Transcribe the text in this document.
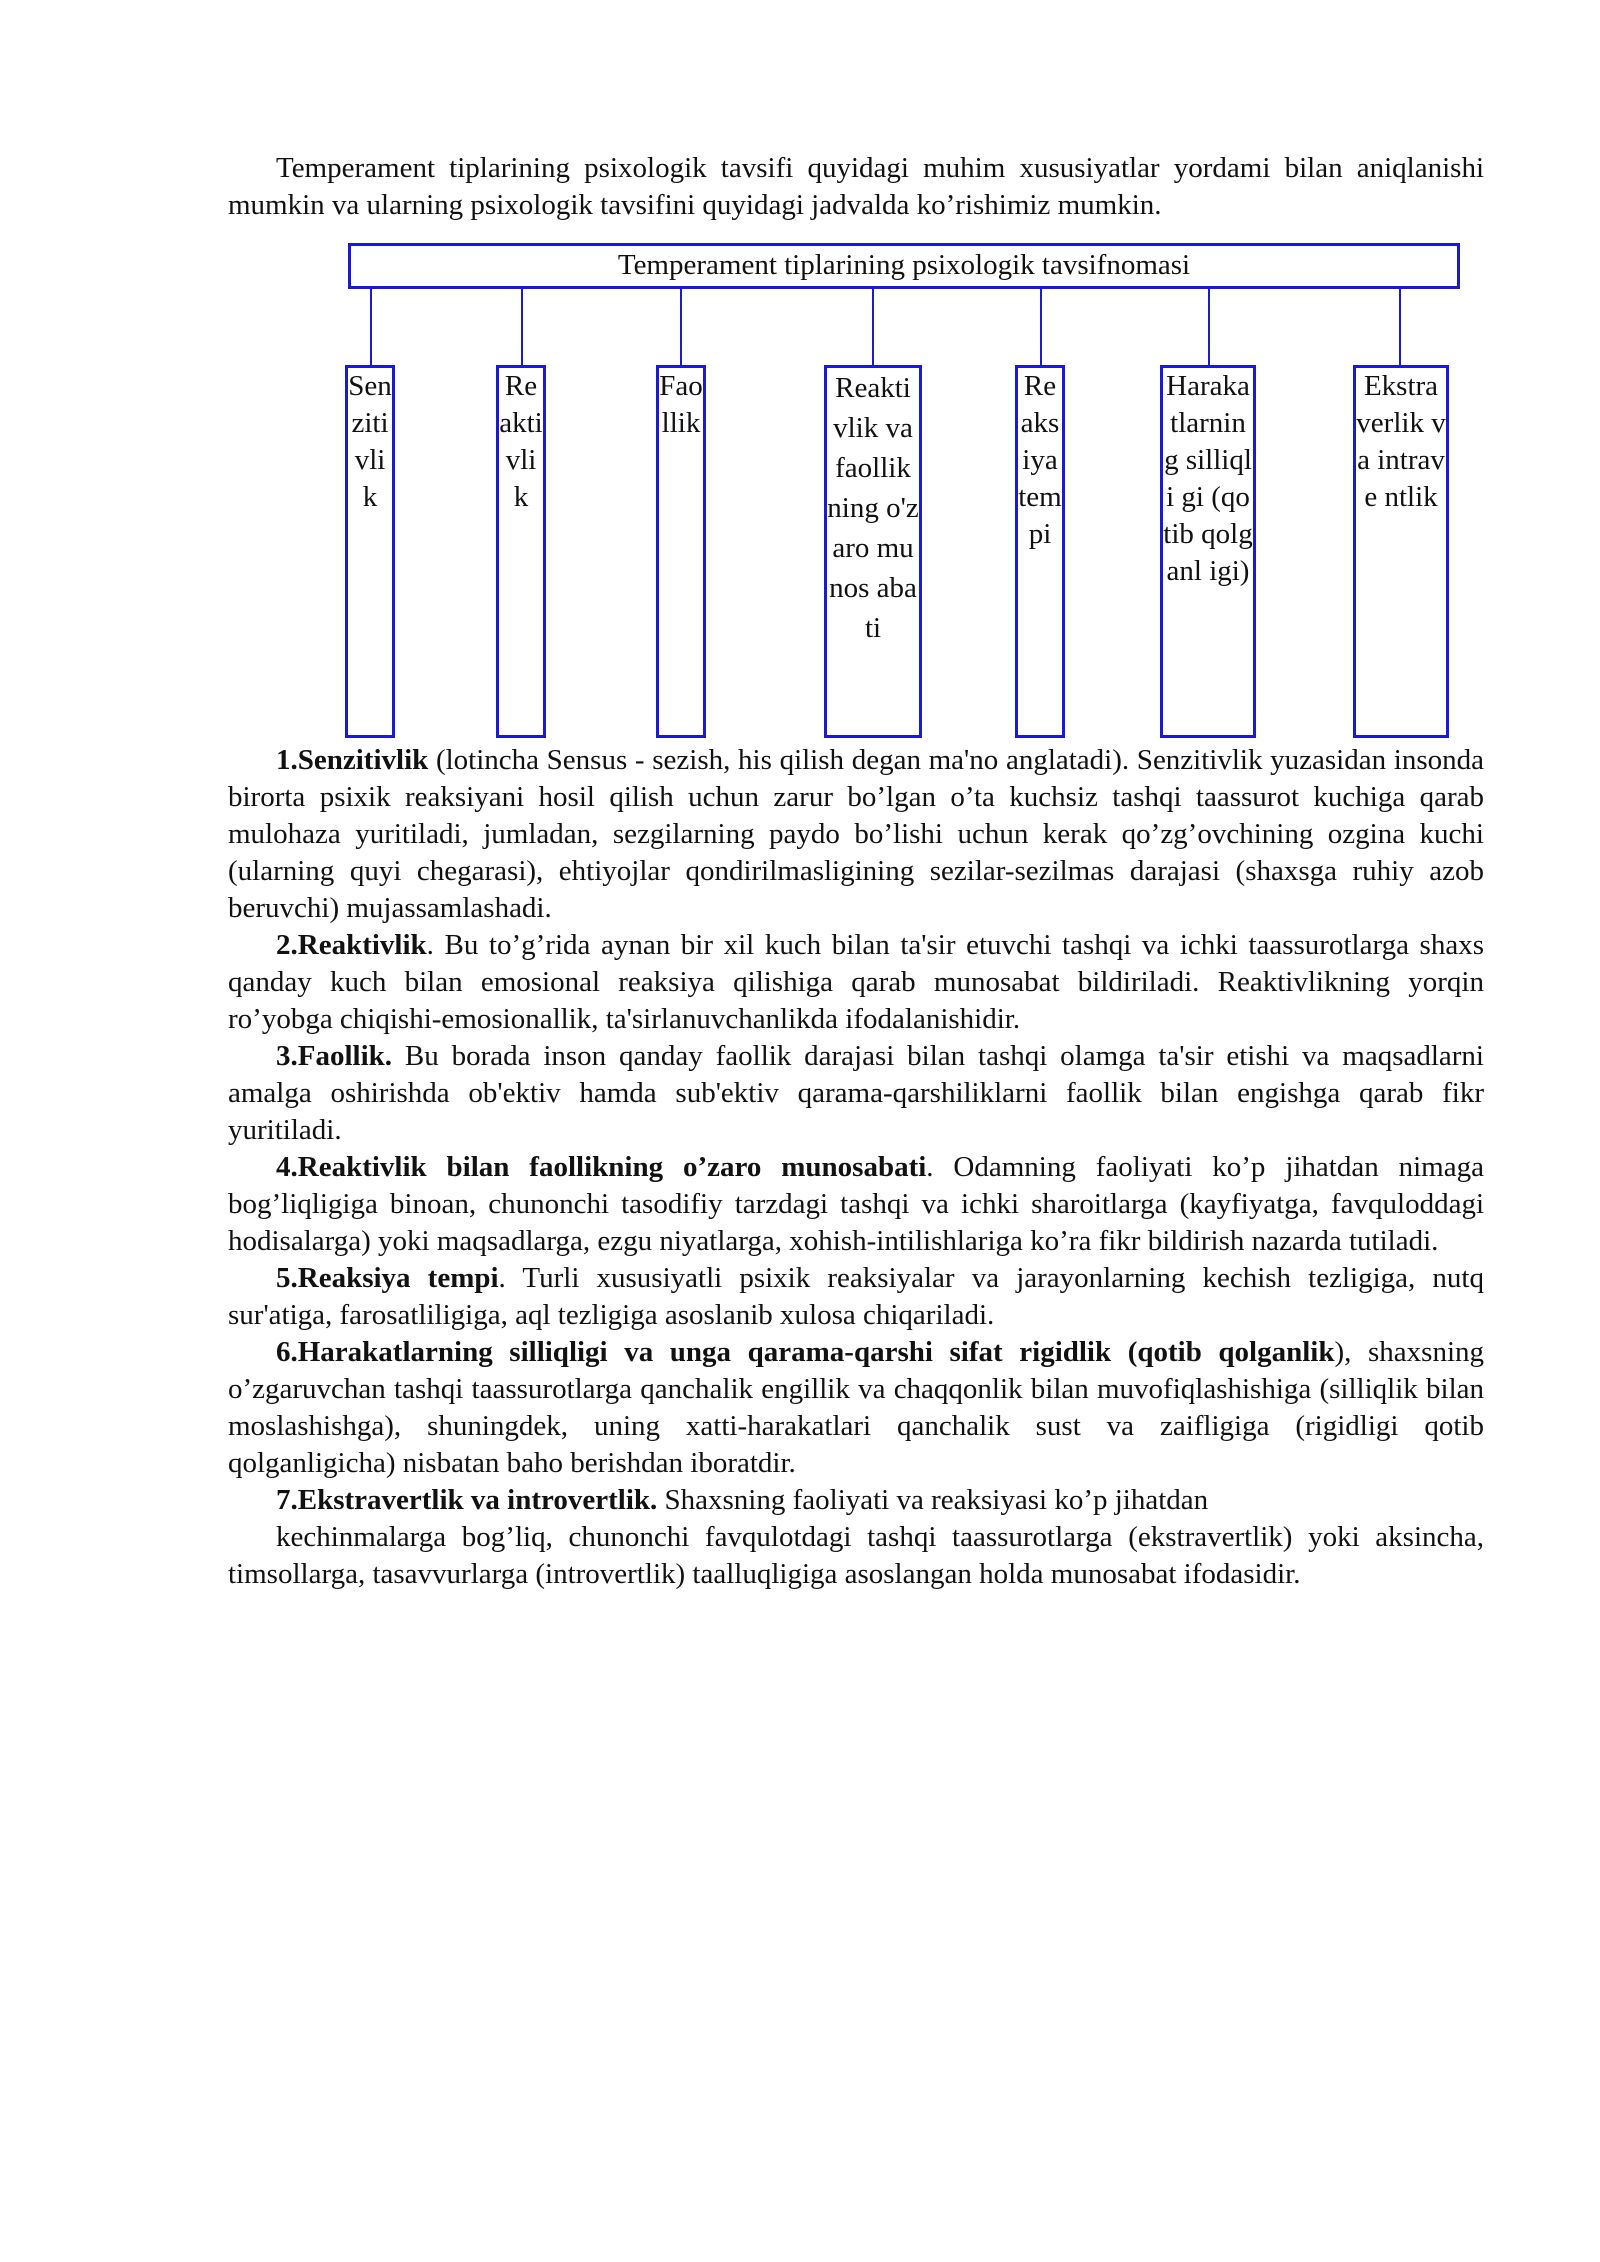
Temperament tiplarining psixologik tavsifi quyidagi muhim xususiyatlar yordami bilan aniqlanishi mumkin va ularning psixologik tavsifini quyidagi jadvalda ko’rishimiz mumkin.

Temperament tiplarining psixologik tavsifnomasi
Sen ziti vli k
Re akti vli k
Fao llik
Reakti vlik va faollik ning o'zaro munos abati
Re aks iya tem pi
Haraka tlarnin g silliqli gi (qotib qolganl igi)
Ekstra verlik va intrave ntlik

1.Senzitivlik (lotincha Sensus - sezish, his qilish degan ma'no anglatadi). Senzitivlik yuzasidan insonda birorta psixik reaksiyani hosil qilish uchun zarur bo’lgan o’ta kuchsiz tashqi taassurot kuchiga qarab mulohaza yuritiladi, jumladan, sezgilarning paydo bo’lishi uchun kerak qo’zg’ovchining ozgina kuchi (ularning quyi chegarasi), ehtiyojlar qondirilmasligining sezilar-sezilmas darajasi (shaxsga ruhiy azob beruvchi) mujassamlashadi.

2.Reaktivlik. Bu to’g’rida aynan bir xil kuch bilan ta'sir etuvchi tashqi va ichki taassurotlarga shaxs qanday kuch bilan emosional reaksiya qilishiga qarab munosabat bildiriladi. Reaktivlikning yorqin ro’yobga chiqishi-emosionallik, ta'sirlanuvchanlikda ifodalanishidir.

3.Faollik. Bu borada inson qanday faollik darajasi bilan tashqi olamga ta'sir etishi va maqsadlarni amalga oshirishda ob'ektiv hamda sub'ektiv qarama-qarshiliklarni faollik bilan engishga qarab fikr yuritiladi.

4.Reaktivlik bilan faollikning o’zaro munosabati. Odamning faoliyati ko’p jihatdan nimaga bog’liqligiga binoan, chunonchi tasodifiy tarzdagi tashqi va ichki sharoitlarga (kayfiyatga, favquloddagi hodisalarga) yoki maqsadlarga, ezgu niyatlarga, xohish-intilishlariga ko’ra fikr bildirish nazarda tutiladi.

5.Reaksiya tempi. Turli xususiyatli psixik reaksiyalar va jarayonlarning kechish tezligiga, nutq sur'atiga, farosatliligiga, aql tezligiga asoslanib xulosa chiqariladi.

6.Harakatlarning silliqligi va unga qarama-qarshi sifat rigidlik (qotib qolganlik), shaxsning o’zgaruvchan tashqi taassurotlarga qanchalik engillik va chaqqonlik bilan muvofiqlashishiga (silliqlik bilan moslashishga), shuningdek, uning xatti-harakatlari qanchalik sust va zaifligiga (rigidligi qotib qolganligicha) nisbatan baho berishdan iboratdir.

7.Ekstravertlik va introvertlik. Shaxsning faoliyati va reaksiyasi ko’p jihatdan

kechinmalarga bog’liq, chunonchi favqulotdagi tashqi taassurotlarga (ekstravertlik) yoki aksincha, timsollarga, tasavvurlarga (introvertlik) taalluqligiga asoslangan holda munosabat ifodasidir.
